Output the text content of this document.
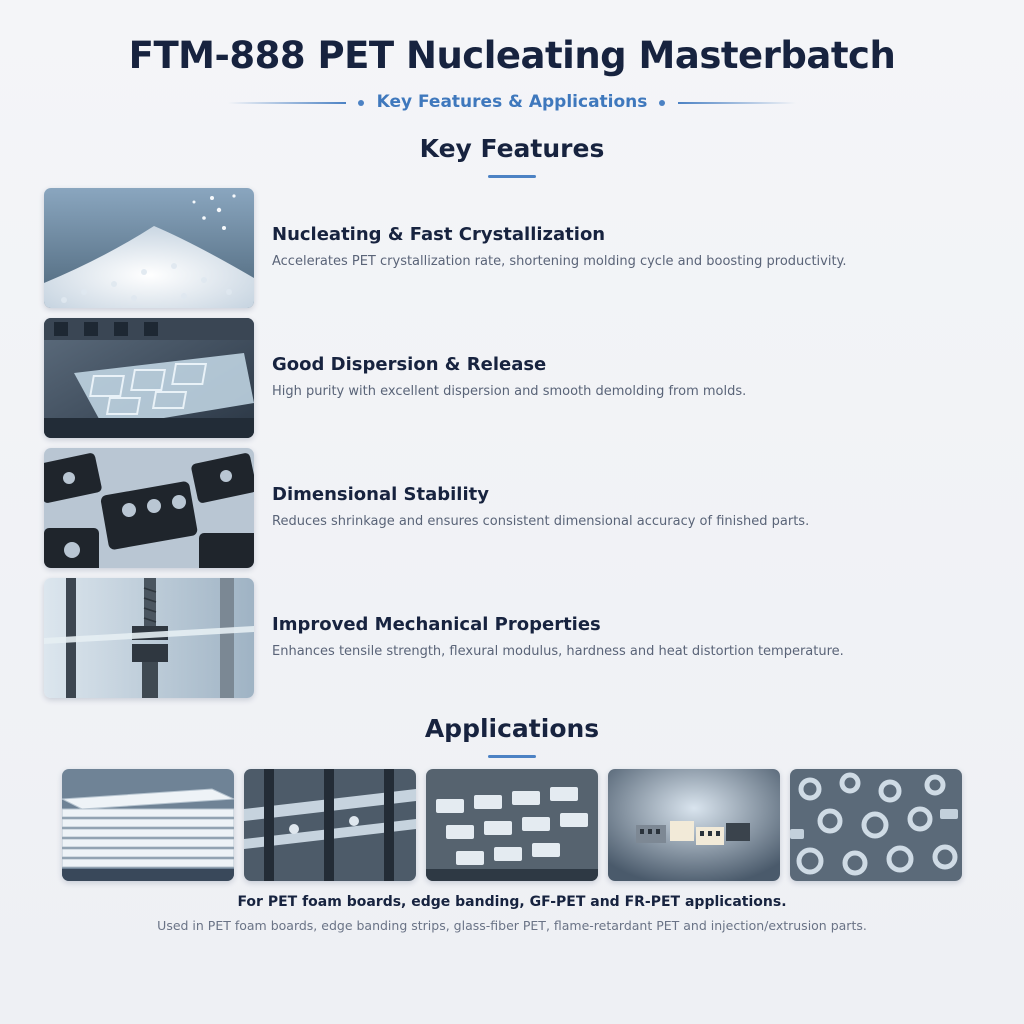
FTM-888 PET Nucleating Masterbatch
Key Features & Applications
Key Features
Nucleating & Fast Crystallization
Accelerates PET crystallization rate, shortening molding cycle and boosting productivity.
Good Dispersion & Release
High purity with excellent dispersion and smooth demolding from molds.
Dimensional Stability
Reduces shrinkage and ensures consistent dimensional accuracy of finished parts.
Improved Mechanical Properties
Enhances tensile strength, flexural modulus, hardness and heat distortion temperature.
Applications
For PET foam boards, edge banding, GF-PET and FR-PET applications.
Used in PET foam boards, edge banding strips, glass-fiber PET, flame-retardant PET and injection/extrusion parts.
